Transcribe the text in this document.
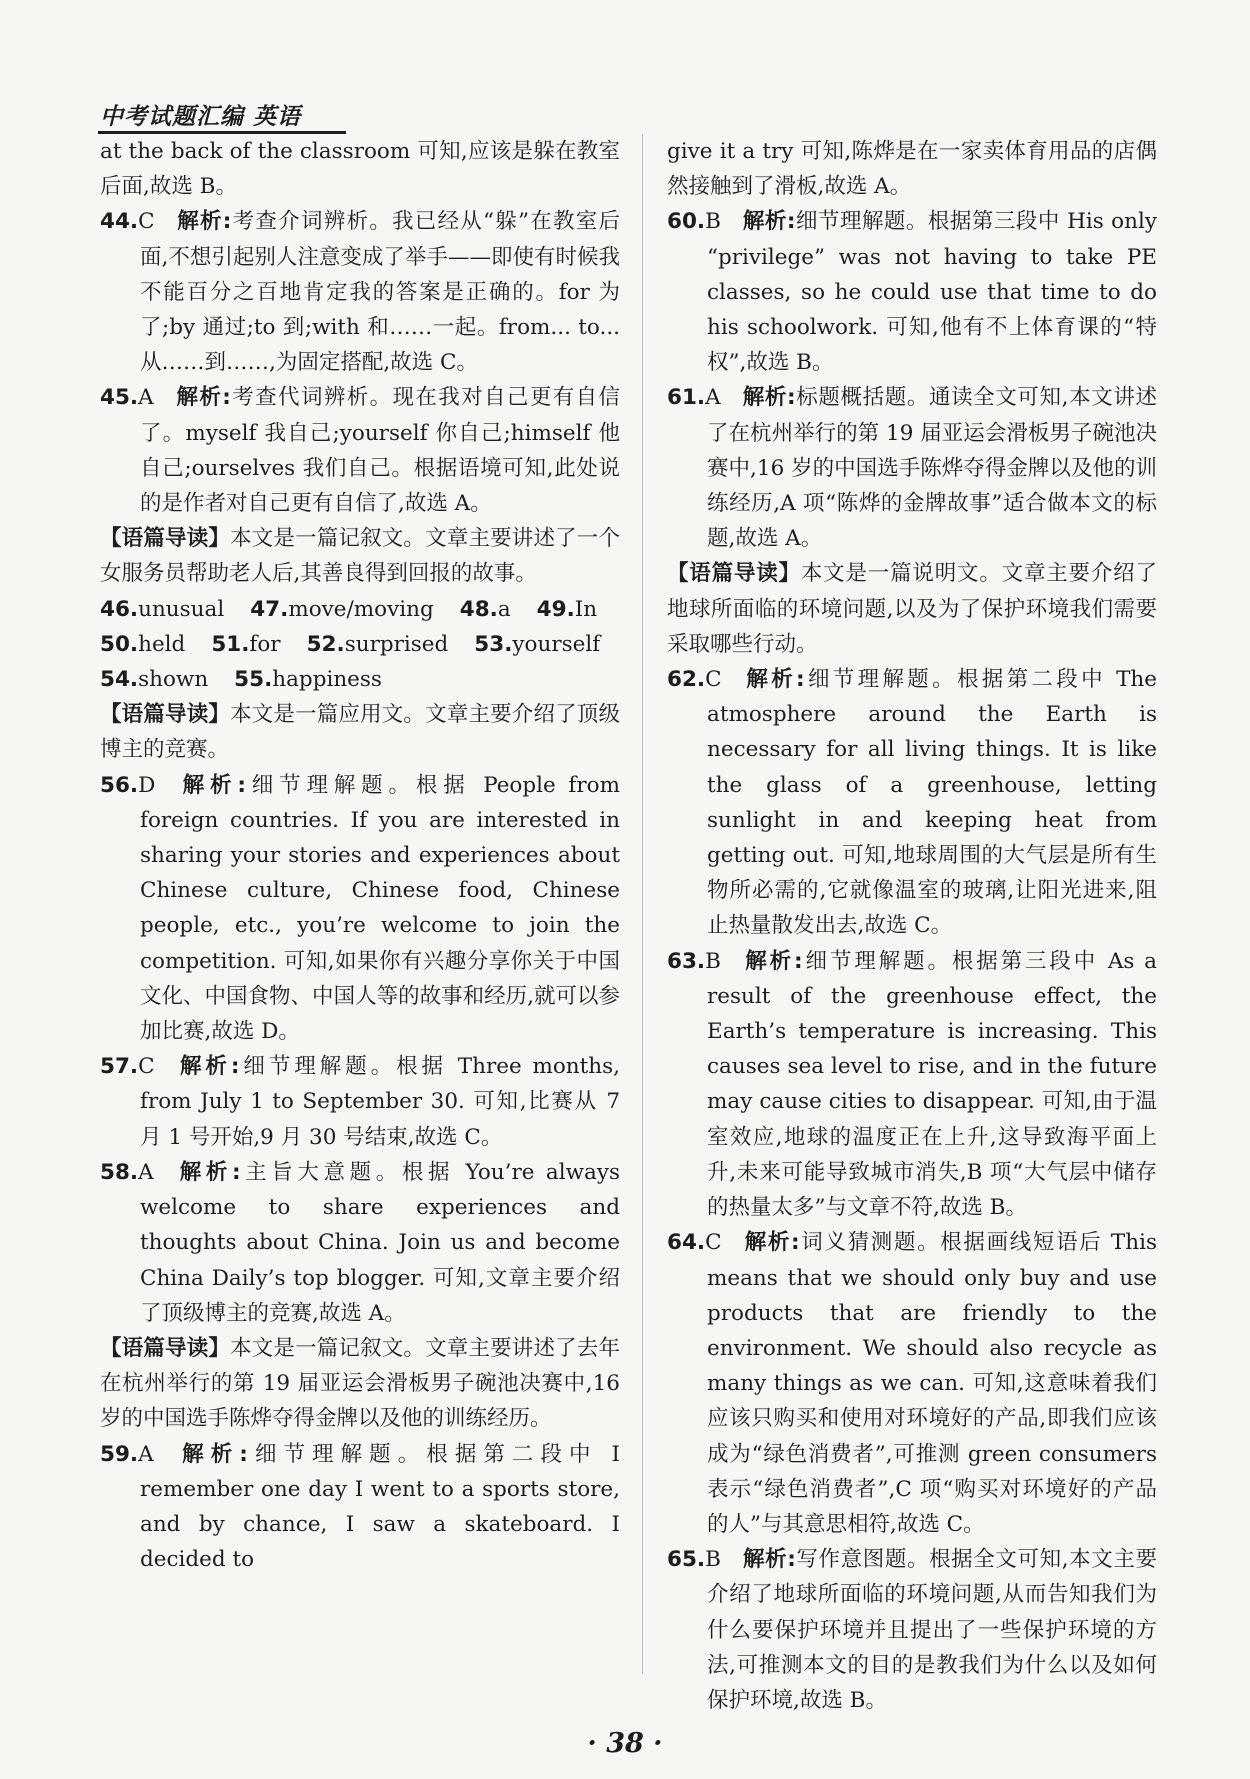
中考试题汇编 英语

at the back of the classroom 可知,应该是躲在教室后面,故选 B。

44.C 解析:考查介词辨析。我已经从“躲”在教室后面,不想引起别人注意变成了举手——即使有时候我不能百分之百地肯定我的答案是正确的。for 为了;by 通过;to 到;with 和……一起。from... to... 从……到……,为固定搭配,故选 C。

45.A 解析:考查代词辨析。现在我对自己更有自信了。myself 我自己;yourself 你自己;himself 他自己;ourselves 我们自己。根据语境可知,此处说的是作者对自己更有自信了,故选 A。

【语篇导读】本文是一篇记叙文。文章主要讲述了一个女服务员帮助老人后,其善良得到回报的故事。

46.unusual 47.move/moving 48.a 49.In

50.held 51.for 52.surprised 53.yourself

54.shown 55.happiness

【语篇导读】本文是一篇应用文。文章主要介绍了顶级博主的竞赛。

56.D 解析:细节理解题。根据 People from foreign countries. If you are interested in sharing your stories and experiences about Chinese culture, Chinese food, Chinese people, etc., you’re welcome to join the competition. 可知,如果你有兴趣分享你关于中国文化、中国食物、中国人等的故事和经历,就可以参加比赛,故选 D。

57.C 解析:细节理解题。根据 Three months, from July 1 to September 30. 可知,比赛从 7 月 1 号开始,9 月 30 号结束,故选 C。

58.A 解析:主旨大意题。根据 You’re always welcome to share experiences and thoughts about China. Join us and become China Daily’s top blogger. 可知,文章主要介绍了顶级博主的竞赛,故选 A。

【语篇导读】本文是一篇记叙文。文章主要讲述了去年在杭州举行的第 19 届亚运会滑板男子碗池决赛中,16 岁的中国选手陈烨夺得金牌以及他的训练经历。

59.A 解析:细节理解题。根据第二段中 I remember one day I went to a sports store, and by chance, I saw a skateboard. I decided to

give it a try 可知,陈烨是在一家卖体育用品的店偶然接触到了滑板,故选 A。

60.B 解析:细节理解题。根据第三段中 His only “privilege” was not having to take PE classes, so he could use that time to do his schoolwork. 可知,他有不上体育课的“特权”,故选 B。

61.A 解析:标题概括题。通读全文可知,本文讲述了在杭州举行的第 19 届亚运会滑板男子碗池决赛中,16 岁的中国选手陈烨夺得金牌以及他的训练经历,A 项“陈烨的金牌故事”适合做本文的标题,故选 A。

【语篇导读】本文是一篇说明文。文章主要介绍了地球所面临的环境问题,以及为了保护环境我们需要采取哪些行动。

62.C 解析:细节理解题。根据第二段中 The atmosphere around the Earth is necessary for all living things. It is like the glass of a greenhouse, letting sunlight in and keeping heat from getting out. 可知,地球周围的大气层是所有生物所必需的,它就像温室的玻璃,让阳光进来,阻止热量散发出去,故选 C。

63.B 解析:细节理解题。根据第三段中 As a result of the greenhouse effect, the Earth’s temperature is increasing. This causes sea level to rise, and in the future may cause cities to disappear. 可知,由于温室效应,地球的温度正在上升,这导致海平面上升,未来可能导致城市消失,B 项“大气层中储存的热量太多”与文章不符,故选 B。

64.C 解析:词义猜测题。根据画线短语后 This means that we should only buy and use products that are friendly to the environment. We should also recycle as many things as we can. 可知,这意味着我们应该只购买和使用对环境好的产品,即我们应该成为“绿色消费者”,可推测 green consumers 表示“绿色消费者”,C 项“购买对环境好的产品的人”与其意思相符,故选 C。

65.B 解析:写作意图题。根据全文可知,本文主要介绍了地球所面临的环境问题,从而告知我们为什么要保护环境并且提出了一些保护环境的方法,可推测本文的目的是教我们为什么以及如何保护环境,故选 B。

· 38 ·
